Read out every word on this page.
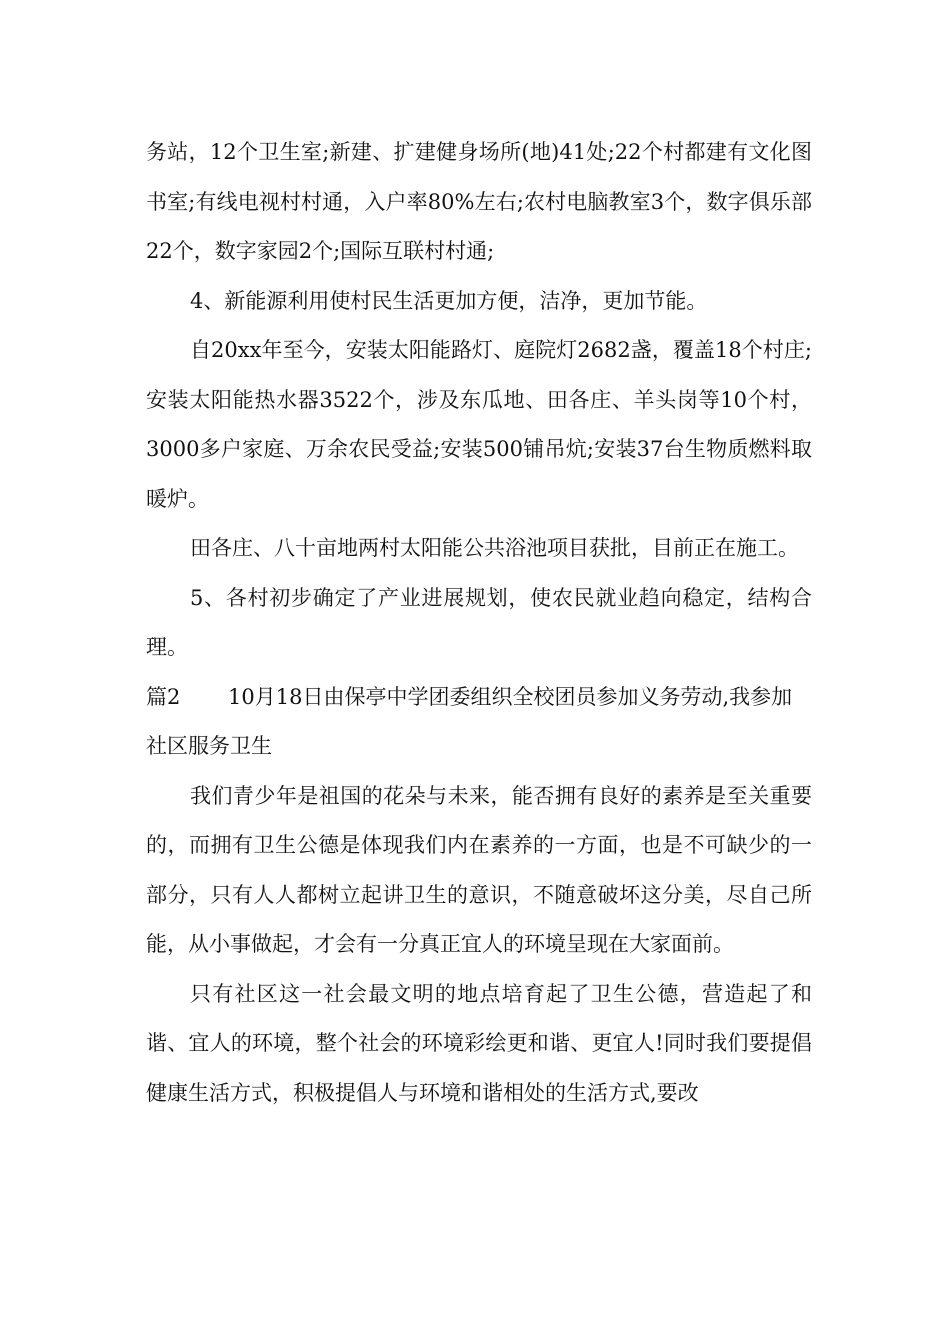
务站，12个卫生室;新建、扩建健身场所(地)41处;22个村都建有文化图书室;有线电视村村通，入户率80%左右;农村电脑教室3个，数字俱乐部22个，数字家园2个;国际互联村村通;

4、新能源利用使村民生活更加方便，洁净，更加节能。

自20xx年至今，安装太阳能路灯、庭院灯2682盏，覆盖18个村庄;安装太阳能热水器3522个，涉及东瓜地、田各庄、羊头岗等10个村，3000多户家庭、万余农民受益;安装500铺吊炕;安装37台生物质燃料取暖炉。

田各庄、八十亩地两村太阳能公共浴池项目获批，目前正在施工。

5、各村初步确定了产业进展规划，使农民就业趋向稳定，结构合理。

篇2 10月18日由保亭中学团委组织全校团员参加义务劳动,我参加社区服务卫生

我们青少年是祖国的花朵与未来，能否拥有良好的素养是至关重要的，而拥有卫生公德是体现我们内在素养的一方面，也是不可缺少的一部分，只有人人都树立起讲卫生的意识，不随意破坏这分美，尽自己所能，从小事做起，才会有一分真正宜人的环境呈现在大家面前。

只有社区这一社会最文明的地点培育起了卫生公德，营造起了和谐、宜人的环境，整个社会的环境彩绘更和谐、更宜人!同时我们要提倡健康生活方式，积极提倡人与环境和谐相处的生活方式,要改
